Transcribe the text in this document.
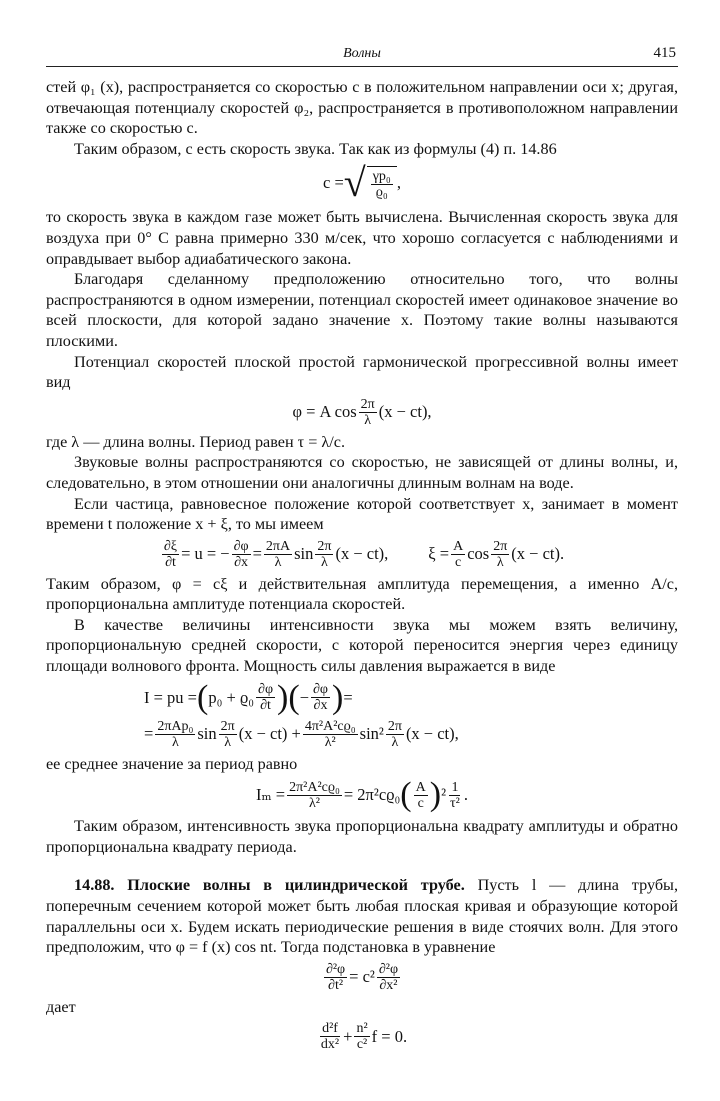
Волны	415

стей φ₁ (x), распространяется со скоростью c в положительном направлении оси x; другая, отвечающая потенциалу скоростей φ₂, распространяется в противоположном направлении также со скоростью c.

Таким образом, c есть скорость звука. Так как из формулы (4) п. 14.86

c = √ $\frac{\text{γp₀}}{\text{ϱ₀}}$ ,

то скорость звука в каждом газе может быть вычислена. Вычисленная скорость звука для воздуха при 0° C равна примерно 330 м/сек, что хорошо согласуется с наблюдениями и оправдывает выбор адиабатического закона.

Благодаря сделанному предположению относительно того, что волны распространяются в одном измерении, потенциал скоростей имеет одинаковое значение во всей плоскости, для которой задано значение x. Поэтому такие волны называются плоскими.

Потенциал скоростей плоской простой гармонической прогрессивной волны имеет вид

φ = A $\cos \frac{2\pi}{\lambda} (x - ct)$,

где λ — длина волны. Период равен τ = λ/c.

Звуковые волны распространяются со скоростью, не зависящей от длины волны, и, следовательно, в этом отношении они аналогичны длинным волнам на воде.

Если частица, равновесное положение которой соответствует x, занимает в момент времени t положение x + ξ, то мы имеем

$\frac{\partial\xi}{\partial t} = u$ = − $\frac{\partial\varphi}{\partial x} = \frac{2\pi A}{\lambda}$ $\sin \frac{2\pi}{\lambda} (x - ct)$, $\xi = \frac{A}{c}$ $\cos \frac{2\pi}{\lambda} (x - ct)$.

Таким образом, φ = cξ и действительная амплитуда перемещения, а именно A/c, пропорциональна амплитуде потенциала скоростей.

В качестве величины интенсивности звука мы можем взять величину, пропорциональную средней скорости, с которой переносится энергия через единицу площади волнового фронта. Мощность силы давления выражается в виде

I = pu = ( $p_0 + ϱ_0 \frac{\partial\varphi}{\partial t}$ ) ( − $\frac{\partial\varphi}{\partial x}$ ) =
= $\frac{\text{2πAp₀}}{\lambda}$ $\sin \frac{2\pi}{\lambda} (x - ct) + \frac{\text{4π²A²cϱ₀}}{\text{λ²}} \sin^2 \frac{2\pi}{\lambda} (x - ct)$,

ее среднее значение за период равно

$I_m = \frac{\text{2π²A²cϱ₀}}{\text{λ²}} = 2\pi^2cϱ_0$ ( $\frac{A}{c}$ ) $^2 \frac{1}{\text{τ²}}$ .

Таким образом, интенсивность звука пропорциональна квадрату амплитуды и обратно пропорциональна квадрату периода.

14.88. Плоские волны в цилиндрической трубе. Пусть l — длина трубы, поперечным сечением которой может быть любая плоская кривая и образующие которой параллельны оси x. Будем искать периодические решения в виде стоячих волн. Для этого предположим, что φ = f (x) cos nt. Тогда подстановка в уравнение

$\frac{\text{∂²φ}}{\text{∂t²}} = c^2 \frac{\text{∂²φ}}{\text{∂x²}}$

дает

$\frac{\text{d²f}}{\text{dx²}} + \frac{\text{n²}}{\text{c²}}$ f = 0.
